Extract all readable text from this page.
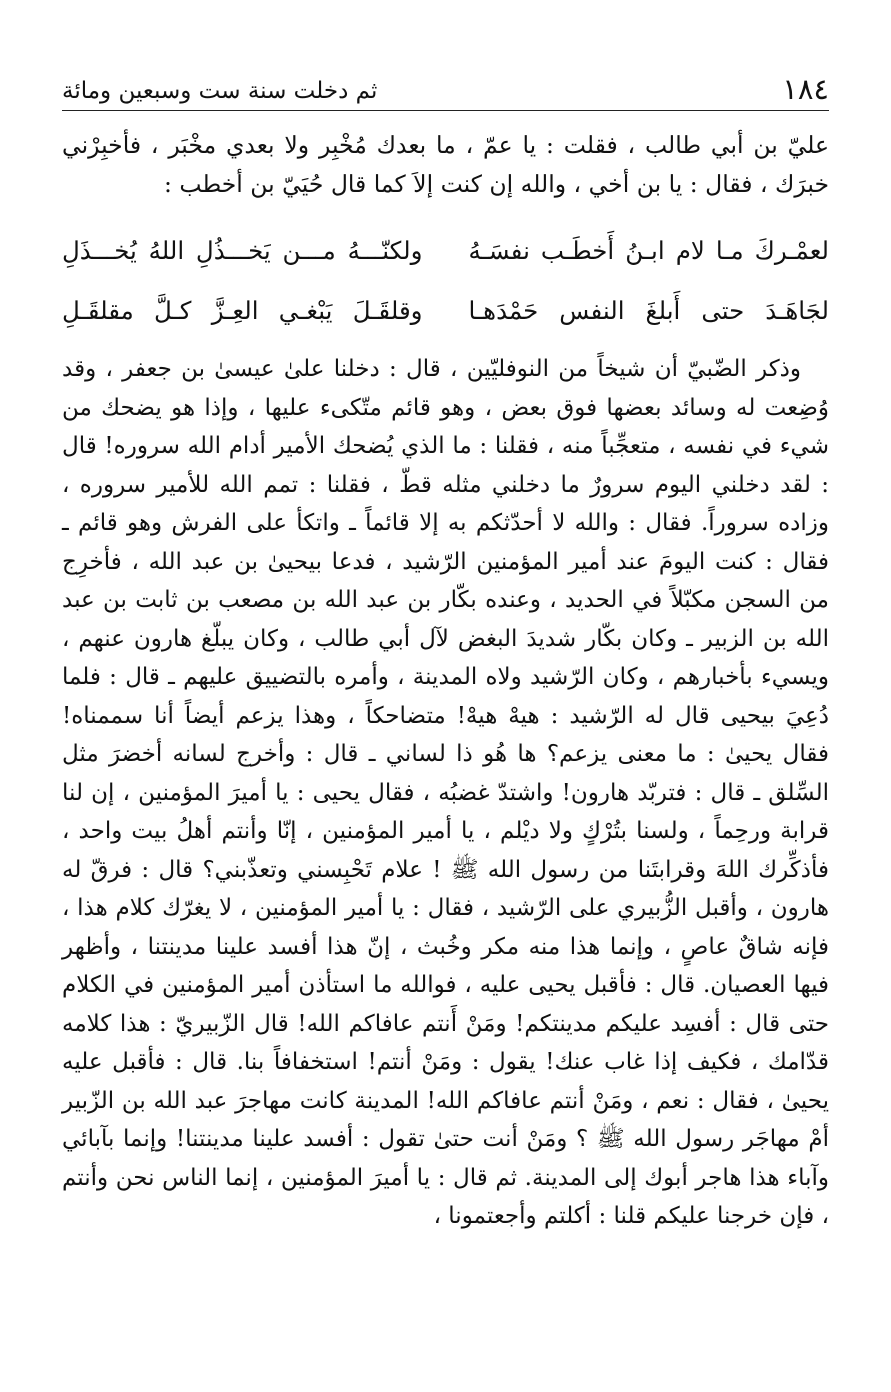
١٨٤
ثم دخلت سنة ست وسبعين ومائة

عليّ بن أبي طالب ، فقلت : يا عمّ ، ما بعدك مُخْبِر ولا بعدي مخْبَر ، فأخبِرْني خبرَك ، فقال : يا بن أخي ، والله إن كنت إلاَ كما قال حُيَيّ بن أخطب :

لعمْـركَ مـا لام ابـنُ أَخطَـب نفسَـهُ
ولكنّـــهُ مـــن يَخـــذُلِ اللهُ يُخـــذَلِ
لجَاهَـدَ حتى أَبلغَ النفس حَمْدَهـا
وقلقَـلَ يَبْغـي العِـزَّ كـلَّ مقلقَـلِ

وذكر الضّبيّ أن شيخاً من النوفليّين ، قال : دخلنا علىٰ عيسىٰ بن جعفر ، وقد وُضِعت له وسائد بعضها فوق بعض ، وهو قائم متّكىء عليها ، وإذا هو يضحك من شيء في نفسه ، متعجِّباً منه ، فقلنا : ما الذي يُضحك الأمير أدام الله سروره! قال : لقد دخلني اليوم سرورٌ ما دخلني مثله قطّ ، فقلنا : تمم الله للأمير سروره ، وزاده سروراً. فقال : والله لا أحدّثكم به إلا قائماً ـ واتكأ على الفرش وهو قائم ـ فقال : كنت اليومَ عند أمير المؤمنين الرّشيد ، فدعا بيحيىٰ بن عبد الله ، فأخرِج من السجن مكبّلاً في الحديد ، وعنده بكّار بن عبد الله بن مصعب بن ثابت بن عبد الله بن الزبير ـ وكان بكّار شديدَ البغض لآل أبي طالب ، وكان يبلّغ هارون عنهم ، ويسيء بأخبارهم ، وكان الرّشيد ولاه المدينة ، وأمره بالتضييق عليهم ـ قال : فلما دُعِيَ بيحيى قال له الرّشيد : هيهْ هيهْ! متضاحكاً ، وهذا يزعم أيضاً أنا سممناه! فقال يحيىٰ : ما معنى يزعم؟ ها هُو ذا لساني ـ قال : وأخرج لسانه أخضرَ مثل السِّلق ـ قال : فتربّد هارون! واشتدّ غضبُه ، فقال يحيى : يا أميرَ المؤمنين ، إن لنا قرابة ورحِماً ، ولسنا بتُرْكٍ ولا ديْلم ، يا أمير المؤمنين ، إنّا وأنتم أهلُ بيت واحد ، فأذكِّرك اللهَ وقرابتَنا من رسول الله ﷺ ! علام تَحْبِسني وتعذّبني؟ قال : فرقّ له هارون ، وأقبل الزُّبيري على الرّشيد ، فقال : يا أمير المؤمنين ، لا يغرّك كلام هذا ، فإنه شاقٌ عاصٍ ، وإنما هذا منه مكر وخُبث ، إنّ هذا أفسد علينا مدينتنا ، وأظهر فيها العصيان. قال : فأقبل يحيى عليه ، فوالله ما استأذن أمير المؤمنين في الكلام حتى قال : أفسِد عليكم مدينتكم! ومَنْ أَنتم عافاكم الله! قال الزّبيريّ : هذا كلامه قدّامك ، فكيف إذا غاب عنك! يقول : ومَنْ أنتم! استخفافاً بنا. قال : فأقبل عليه يحيىٰ ، فقال : نعم ، ومَنْ أنتم عافاكم الله! المدينة كانت مهاجرَ عبد الله بن الزّبير أمْ مهاجَر رسول الله ﷺ ؟ ومَنْ أنت حتىٰ تقول : أفسد علينا مدينتنا! وإنما بآبائي وآباء هذا هاجر أبوك إلى المدينة. ثم قال : يا أميرَ المؤمنين ، إنما الناس نحن وأنتم ، فإن خرجنا عليكم قلنا : أكلتم وأجعتمونا ،
